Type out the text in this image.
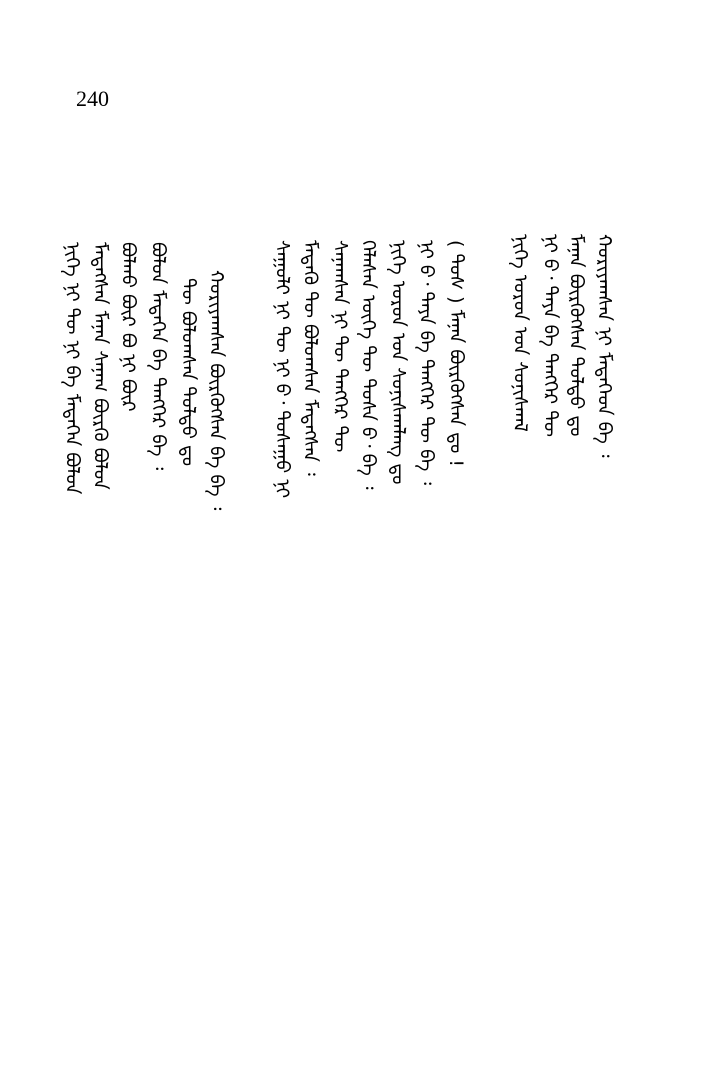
240
ᠨᠢᠬᠡ ᠣᠷᠤᠨ ᠤᠨ ᠰᠤᠨᠢᠰᠬᠠᠯ ᠨᠢ ᠪ᠂ ᠲᠠᠶᠠ ᠪᠠ ᠲᠡᠩᠭᠡᠷ ᠲᠦ ᠮᠠᠨᠠᠨ ᠪᠦᠷᠬᠦᠭᠰᠡᠨ ᠳᠤᠯᠳᠤ ᠳᠤ ᠬᠤᠷᠢᠶᠠᠭᠰᠠᠨ ᠨᠢ ᠮᠡᠳᠡᠭᠡᠳ ᠪᠡ ᠄
ᠰᠠᠭᠤᠯᠢ ᠨᠢ ᠲᠦ ᠨᠢ ᠪ᠂ ᠲᠤᠰᠠᠭᠤ ᠨᠢ ᠮᠡᠳᠡᠬᠦ ᠲᠦ ᠪᠣᠯᠤᠭᠰᠠᠨ ᠮᠡᠳᠡᠭᠰᠡᠨ ᠄ ᠰᠠᠨᠠᠭᠰᠠᠨ ᠨᠢ ᠲᠦ ᠲᠡᠩᠭᠡᠷ ᠲᠦ ᠬᠡᠯᠡᠰᠡᠨ ᠦᠭᠡ ᠲᠦ ᠲᠤᠰᠠ ᠪ᠂ ᠪᠠ ᠄ ᠨᠢᠬᠡ ᠣᠷᠤᠨ ᠤᠨ ᠰᠤᠨᠢᠰᠬᠠᠯᠠᠩ ᠳᠤ ᠨᠢ ᠪ᠂ ᠲᠠᠶᠠ ᠪᠠ ᠲᠡᠩᠭᠡᠷ ᠲᠦ ᠪᠠ ᠄ ( ᠲᠤᠰ ) ᠮᠠᠨᠠᠨ ᠪᠦᠷᠬᠦᠭᠰᠡᠨ ᠳᠤ !
ᠨᠢᠬᠡ ᠨᠢ ᠲᠦ ᠨᠢ ᠪᠡ ᠮᠡᠳᠡᠭᠡᠨ ᠪᠣᠯᠤᠨ ᠮᠡᠳᠡᠭᠰᠡᠨ ᠮᠠᠨᠠᠨ ᠰᠠᠨᠠᠭ ᠪᠦᠷᠬᠦ ᠪᠣᠯᠤᠨ ᠪᠣᠯᠬᠤ ᠪᠦᠷ ᠪᠣ ᠨᠢ ᠪᠦᠷ ᠪᠣᠯᠤᠨ ᠮᠡᠳᠡᠭᠡᠨ ᠪᠡ ᠲᠡᠩᠭᠡᠷ ᠪᠠ ᠄ ᠲᠦ ᠪᠣᠯᠤᠭᠰᠠᠨ ᠳᠤᠯᠳᠤ ᠳᠤ ᠬᠤᠷᠢᠶᠠᠭᠰᠠᠨ ᠪᠦᠷᠬᠦᠭᠰᠡᠨ ᠪᠠ ᠪᠡ ᠄
